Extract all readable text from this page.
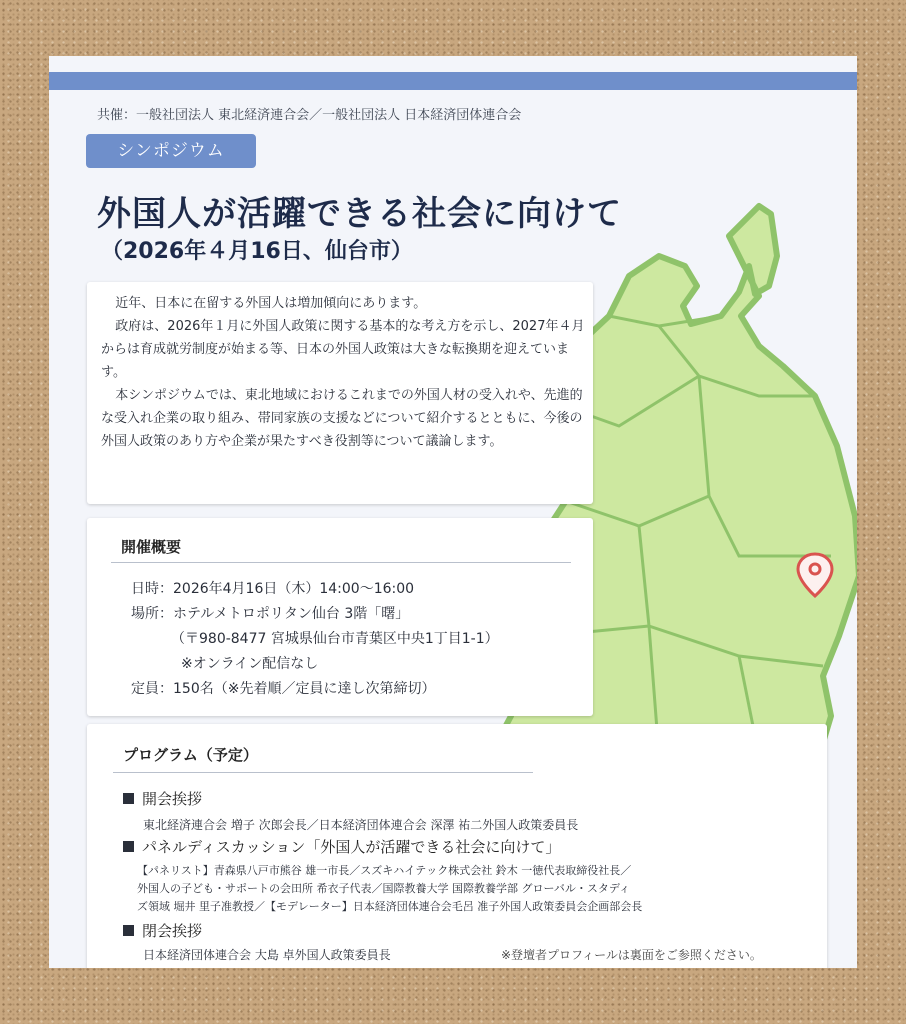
共催：一般社団法人 東北経済連合会／一般社団法人 日本経済団体連合会
シンポジウム
外国人が活躍できる社会に向けて
（2026年４月16日、仙台市）

近年、日本に在留する外国人は増加傾向にあります。

政府は、2026年１月に外国人政策に関する基本的な考え方を示し、2027年４月からは育成就労制度が始まる等、日本の外国人政策は大きな転換期を迎えています。

本シンポジウムでは、東北地域におけるこれまでの外国人材の受入れや、先進的な受入れ企業の取り組み、帯同家族の支援などについて紹介するとともに、今後の外国人政策のあり方や企業が果たすべき役割等について議論します。

開催概要
日時：2026年4月16日（木）14:00～16:00
場所：ホテルメトロポリタン仙台 3階「曙」
（〒980-8477 宮城県仙台市青葉区中央1丁目1-1）
※オンライン配信なし
定員：150名（※先着順／定員に達し次第締切）
プログラム（予定）
開会挨拶
東北経済連合会 増子 次郎会長／日本経済団体連合会 深澤 祐二外国人政策委員長
パネルディスカッション「外国人が活躍できる社会に向けて」
【パネリスト】青森県八戸市熊谷 雄一市長／スズキハイテック株式会社 鈴木 一徳代表取締役社長／
外国人の子ども・サポートの会田所 希衣子代表／国際教養大学 国際教養学部 グローバル・スタディ
ズ領域 堀井 里子准教授／【モデレーター】日本経済団体連合会毛呂 准子外国人政策委員会企画部会長
閉会挨拶
日本経済団体連合会 大島 卓外国人政策委員長	※登壇者プロフィールは裏面をご参照ください。
